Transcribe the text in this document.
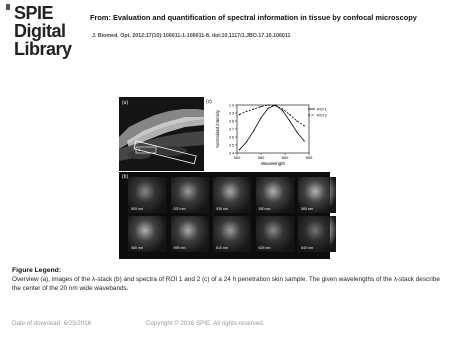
SPIE
Digital
Library
From: Evaluation and quantification of spectral information in tissue by confocal microscopy
J. Biomed. Opt. 2012;17(10):106011-1-106011-8. doi:10.1117/1.JBO.17.10.106011
(a)
1
2
(c)
500	550	600	650
0.4
0.5
0.6
0.7
0.8
0.9
1.0
Wavelength
Normalized intensity
ROI 1
ROI 2
(b)
505 nm	520 nm	535 nm	550 nm	565 nm
580 nm	595 nm	610 nm	625 nm	640 nm
Figure Legend:
Overview (a), images of the λ-stack (b) and spectra of ROI 1 and 2 (c) of a 24 h penetration skin sample. The given wavelengths of the λ-stack describe the center of the 20 nm wide wavebands.
Date of download: 6/25/2016	Copyright © 2016 SPIE. All rights reserved.
